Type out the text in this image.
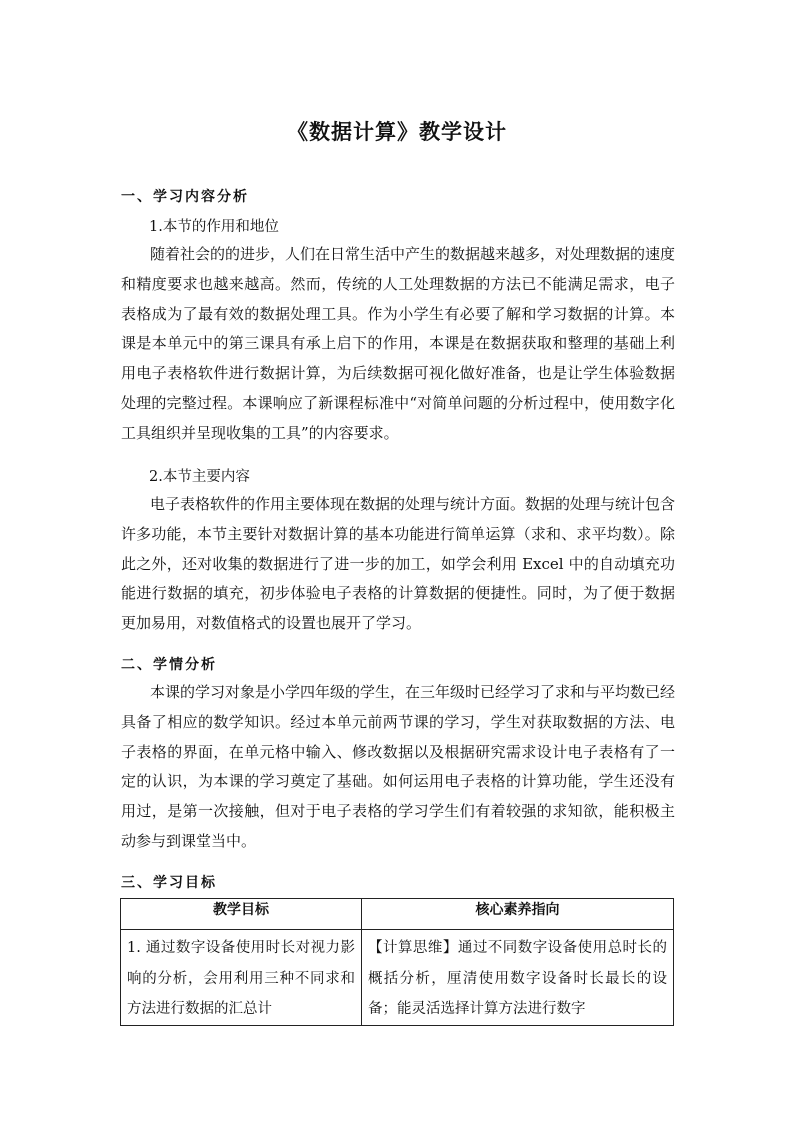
《数据计算》教学设计
一、学习内容分析
1.本节的作用和地位
随着社会的的进步，人们在日常生活中产生的数据越来越多，对处理数据的速度和精度要求也越来越高。然而，传统的人工处理数据的方法已不能满足需求，电子表格成为了最有效的数据处理工具。作为小学生有必要了解和学习数据的计算。本课是本单元中的第三课具有承上启下的作用，本课是在数据获取和整理的基础上利用电子表格软件进行数据计算，为后续数据可视化做好准备，也是让学生体验数据处理的完整过程。本课响应了新课程标准中“对简单问题的分析过程中，使用数字化工具组织并呈现收集的工具”的内容要求。
2.本节主要内容
电子表格软件的作用主要体现在数据的处理与统计方面。数据的处理与统计包含许多功能，本节主要针对数据计算的基本功能进行简单运算（求和、求平均数）。除此之外，还对收集的数据进行了进一步的加工，如学会利用 Excel 中的自动填充功能进行数据的填充，初步体验电子表格的计算数据的便捷性。同时，为了便于数据更加易用，对数值格式的设置也展开了学习。
二、学情分析
本课的学习对象是小学四年级的学生，在三年级时已经学习了求和与平均数已经具备了相应的数学知识。经过本单元前两节课的学习，学生对获取数据的方法、电子表格的界面，在单元格中输入、修改数据以及根据研究需求设计电子表格有了一定的认识，为本课的学习奠定了基础。如何运用电子表格的计算功能，学生还没有用过，是第一次接触，但对于电子表格的学习学生们有着较强的求知欲，能积极主动参与到课堂当中。
三、学习目标
教学目标	核心素养指向
1. 通过数字设备使用时长对视力影响的分析，会用利用三种不同求和方法进行数据的汇总计	【计算思维】通过不同数字设备使用总时长的概括分析，厘清使用数字设备时长最长的设备；能灵活选择计算方法进行数字
